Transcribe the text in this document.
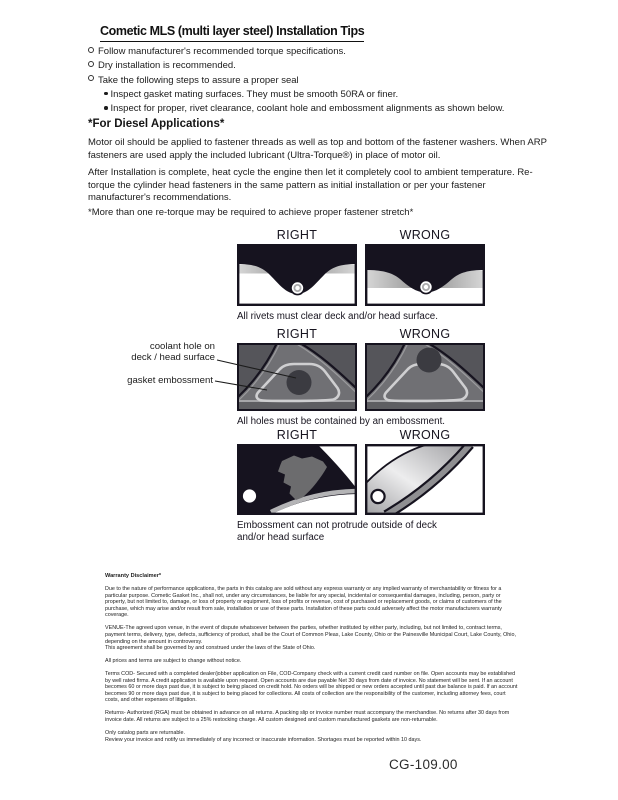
Cometic MLS (multi layer steel) Installation Tips
Follow manufacturer's recommended torque specifications.
Dry installation is recommended.
Take the following steps to assure a proper seal
Inspect gasket mating surfaces. They must be smooth 50RA or finer.
Inspect for proper, rivet clearance, coolant hole and embossment alignments as shown below.
*For Diesel Applications*
Motor oil should be applied to fastener threads as well as top and bottom of the fastener washers. When ARP fasteners are used apply the included lubricant (Ultra-Torque®) in place of motor oil.
After Installation is complete, heat cycle the engine then let it completely cool to ambient temperature. Re-torque the cylinder head fasteners in the same pattern as initial installation or per your fastener manufacturer's recommendations.
*More than one re-torque may be required to achieve proper fastener stretch*
RIGHT	WRONG
All rivets must clear deck and/or head surface.
RIGHT	WRONG
All holes must be contained by an embossment.
RIGHT	WRONG
Embossment can not protrude outside of deck and/or head surface
coolant hole on
deck / head surface
gasket embossment

Warranty Disclaimer*

Due to the nature of performance applications, the parts in this catalog are sold without any express warranty or any implied warranty of merchantability or fitness for a particular purpose. Cometic Gasket Inc., shall not, under any circumstances, be liable for any special, incidental or consequential damages, including, person, party or property, but not limited to, damage, or loss of property or equipment, loss of profits or revenue, cost of purchased or replacement goods, or claims of customers of the purchase, which may arise and/or result from sale, installation or use of these parts. Installation of these parts could adversely affect the motor manufacturers warranty coverage.

VENUE-The agreed upon venue, in the event of dispute whatsoever between the parties, whether instituted by either party, including, but not limited to, contract terms, payment terms, delivery, type, defects, sufficiency of product, shall be the Court of Common Pleas, Lake County, Ohio or the Painesville Municipal Court, Lake County, Ohio, depending on the amount in controversy.

This agreement shall be governed by and construed under the laws of the State of Ohio.

All prices and terms are subject to change without notice.

Terms COD- Secured with a completed dealer/jobber application on File, COD-Company check with a current credit card number on file. Open accounts may be established by well rated firms. A credit application is available upon request. Open accounts are due payable Net 30 days from date of invoice. No statement will be sent. If an account becomes 60 or more days past due, it is subject to being placed on credit hold. No orders will be shipped or new orders accepted until past due balance is paid. If an account becomes 90 or more days past due, it is subject to being placed for collections. All costs of collection are the responsibility of the customer, including attorney fees, court costs, and other expenses of litigation.

Returns- Authorized (RGA) must be obtained in advance on all returns. A packing slip or invoice number must accompany the merchandise. No returns after 30 days from invoice date. All returns are subject to a 25% restocking charge. All custom designed and custom manufactured gaskets are non-returnable.

Only catalog parts are returnable.

Review your invoice and notify us immediately of any incorrect or inaccurate information. Shortages must be reported within 10 days.

CG-109.00
